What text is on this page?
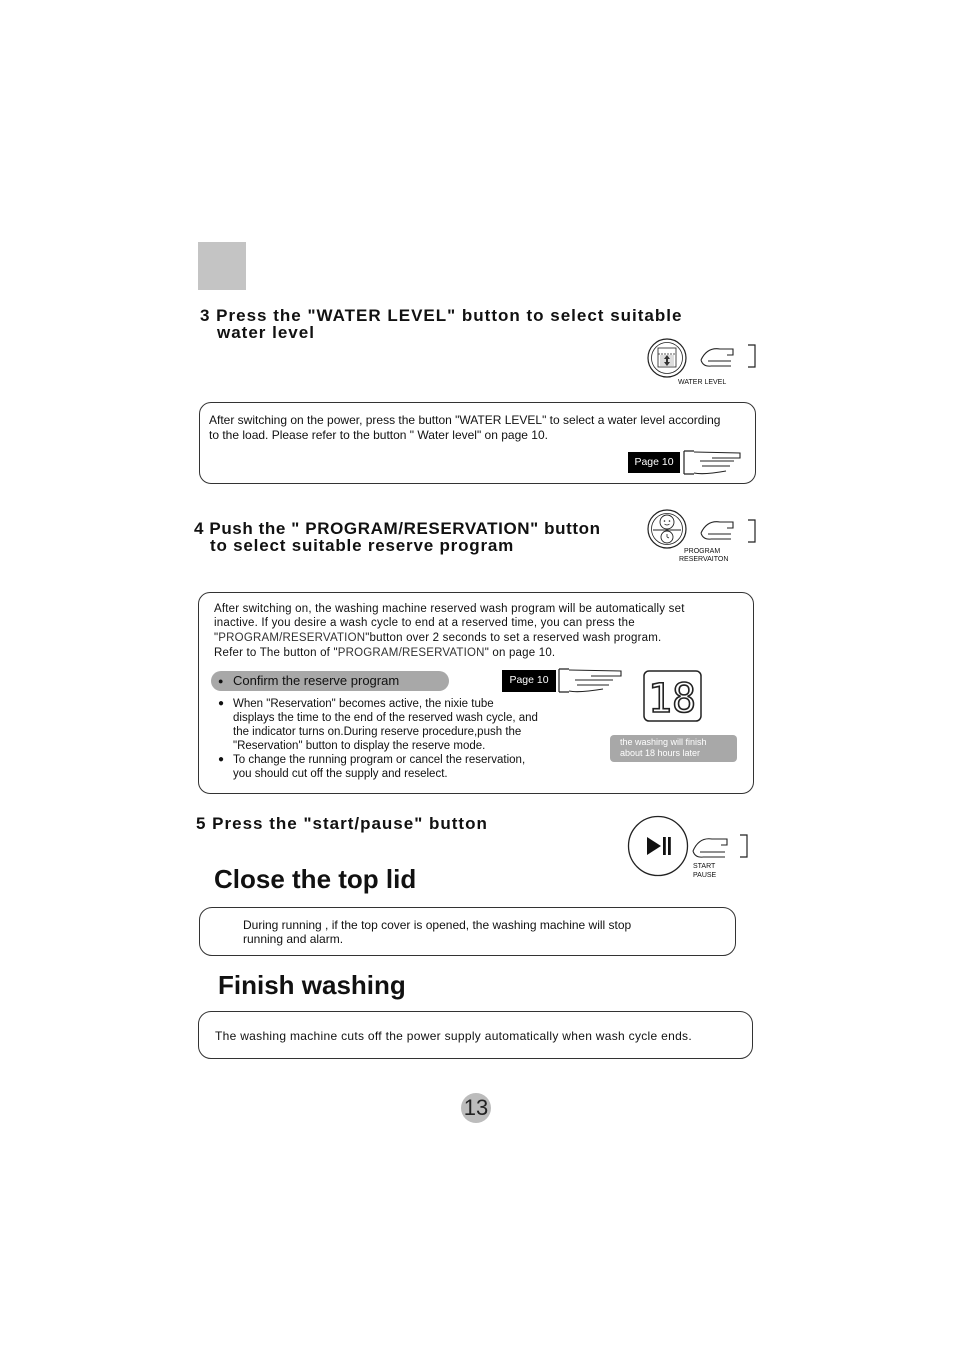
3 Press the "WATER LEVEL" button to select suitable
water level
WATER LEVEL
After switching on the power, press the button "WATER LEVEL" to select a water level according
to the load. Please refer to the button " Water level" on page 10.
Page 10
4 Push the " PROGRAM/RESERVATION" button
to select suitable reserve program	PROGRAM
RESERVAITON
After switching on, the washing machine reserved wash program will be automatically set
inactive. If you desire a wash cycle to end at a reserved time, you can press the
"PROGRAM/RESERVATION"button over 2 seconds to set a reserved wash program.
Refer to The button of "PROGRAM/RESERVATION" on page 10.
● Confirm the reserve program	Page 10 18
the washing will finish
about 18 hours later
● When "Reservation" becomes active, the nixie tube
displays the time to the end of the reserved wash cycle, and
the indicator turns on.During reserve procedure,push the
"Reservation" button to display the reserve mode.
● To change the running program or cancel the reservation,
you should cut off the supply and reselect.
5 Press the "start/pause" button
START
PAUSE
Close the top lid
During running , if the top cover is opened, the washing machine will stop
running and alarm.
Finish washing
The washing machine cuts off the power supply automatically when wash cycle ends.
13
